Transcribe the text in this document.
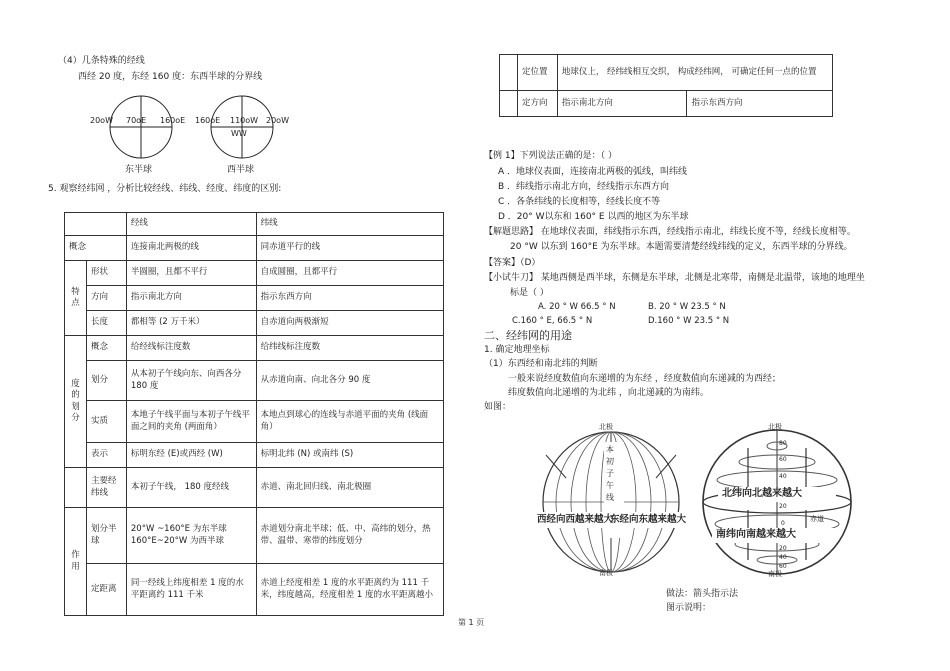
（4）几条特殊的经线
西经 20 度，东经 160 度：东西半球的分界线
20oW 70oE 160oE
东半球
160oE 110oW 20oW
WW
西半球
5. 观察经纬网 ，分析比较经线、纬线、经度、纬度的区别:
		经线	纬线
概念		连接南北两极的线	同赤道平行的线

特点	形状	半圆圈，且都不平行	自成圆圈，且都平行
	方向	指示南北方向	指示东西方向
	长度	都相等 (2 万千米）	自赤道向两极渐短

度的划分	概念	给经线标注度数	给纬线标注度数
	划分	从本初子午线向东、向西各分 180 度	从赤道向南、向北各分 90 度
	实质	本地子午线平面与本初子午线平面之间的夹角 (两面角）	本地点到球心的连线与赤道平面的夹角 (线面角）
	表示	标明东经 (E)或西经 (W)	标明北纬 (N) 或南纬 (S)
	主要经纬线	本初子午线， 180 度经线	赤道、南北回归线、南北极圈

作用	划分半球	20°W ~160°E 为东半球 160°E~20°W 为西半球	赤道划分南北半球；低、中、高纬的划分，热带、温带、寒带的纬度划分
	定距离	同一经线上纬度相差 1 度的水平距离约 111 千米	赤道上经度相差 1 度的水平距离约为 111 千米，纬度越高，经度相差 1 度的水平距离越小
	定位置	地球仪上， 经纬线相互交织， 构成经纬网， 可确定任何一点的位置	
	定方向	指示南北方向	指示东西方向
【例 1】下列说法正确的是：（ ）
A ．地球仪表面，连接南北两极的弧线，叫纬线
B ．纬线指示南北方向，经线指示东西方向
C ．各条纬线的长度相等，经线长度不等
D ．20° W以东和 160° E 以西的地区为东半球
【解题思路】 在地球仪表面，纬线指示东西，经线指示南北，纬线长度不等，经线长度相等。
20 °W 以东到 160°E 为东半球。本题需要清楚经线纬线的定义，东西半球的分界线。
【答案】（D）
【小试牛刀】 某地西侧是西半球，东侧是东半球，北侧是北寒带，南侧是北温带，该地的地理坐
标是（ ）
A. 20 ° W 66.5 ° N	B. 20 ° W 23.5 ° N
C.160 ° E, 66.5 ° N	D.160 ° W 23.5 ° N
二、经纬网的用途
1. 确定地理坐标
（1）东西经和南北纬的判断
一般来说经度数值向东递增的为东经 ，经度数值向东递减的为西经；
纬度数值向北递增的为北纬 ，向北递减的为南纬。
如图：
北极
南极
本初子午线
西经向西越来越大
东经向东越来越大
北极
南极
80
60
40
20
0
20
40
60
赤道
北纬向北越来越大
南纬向南越来越大
做法：箭头指示法
图示说明：
第 1 页
